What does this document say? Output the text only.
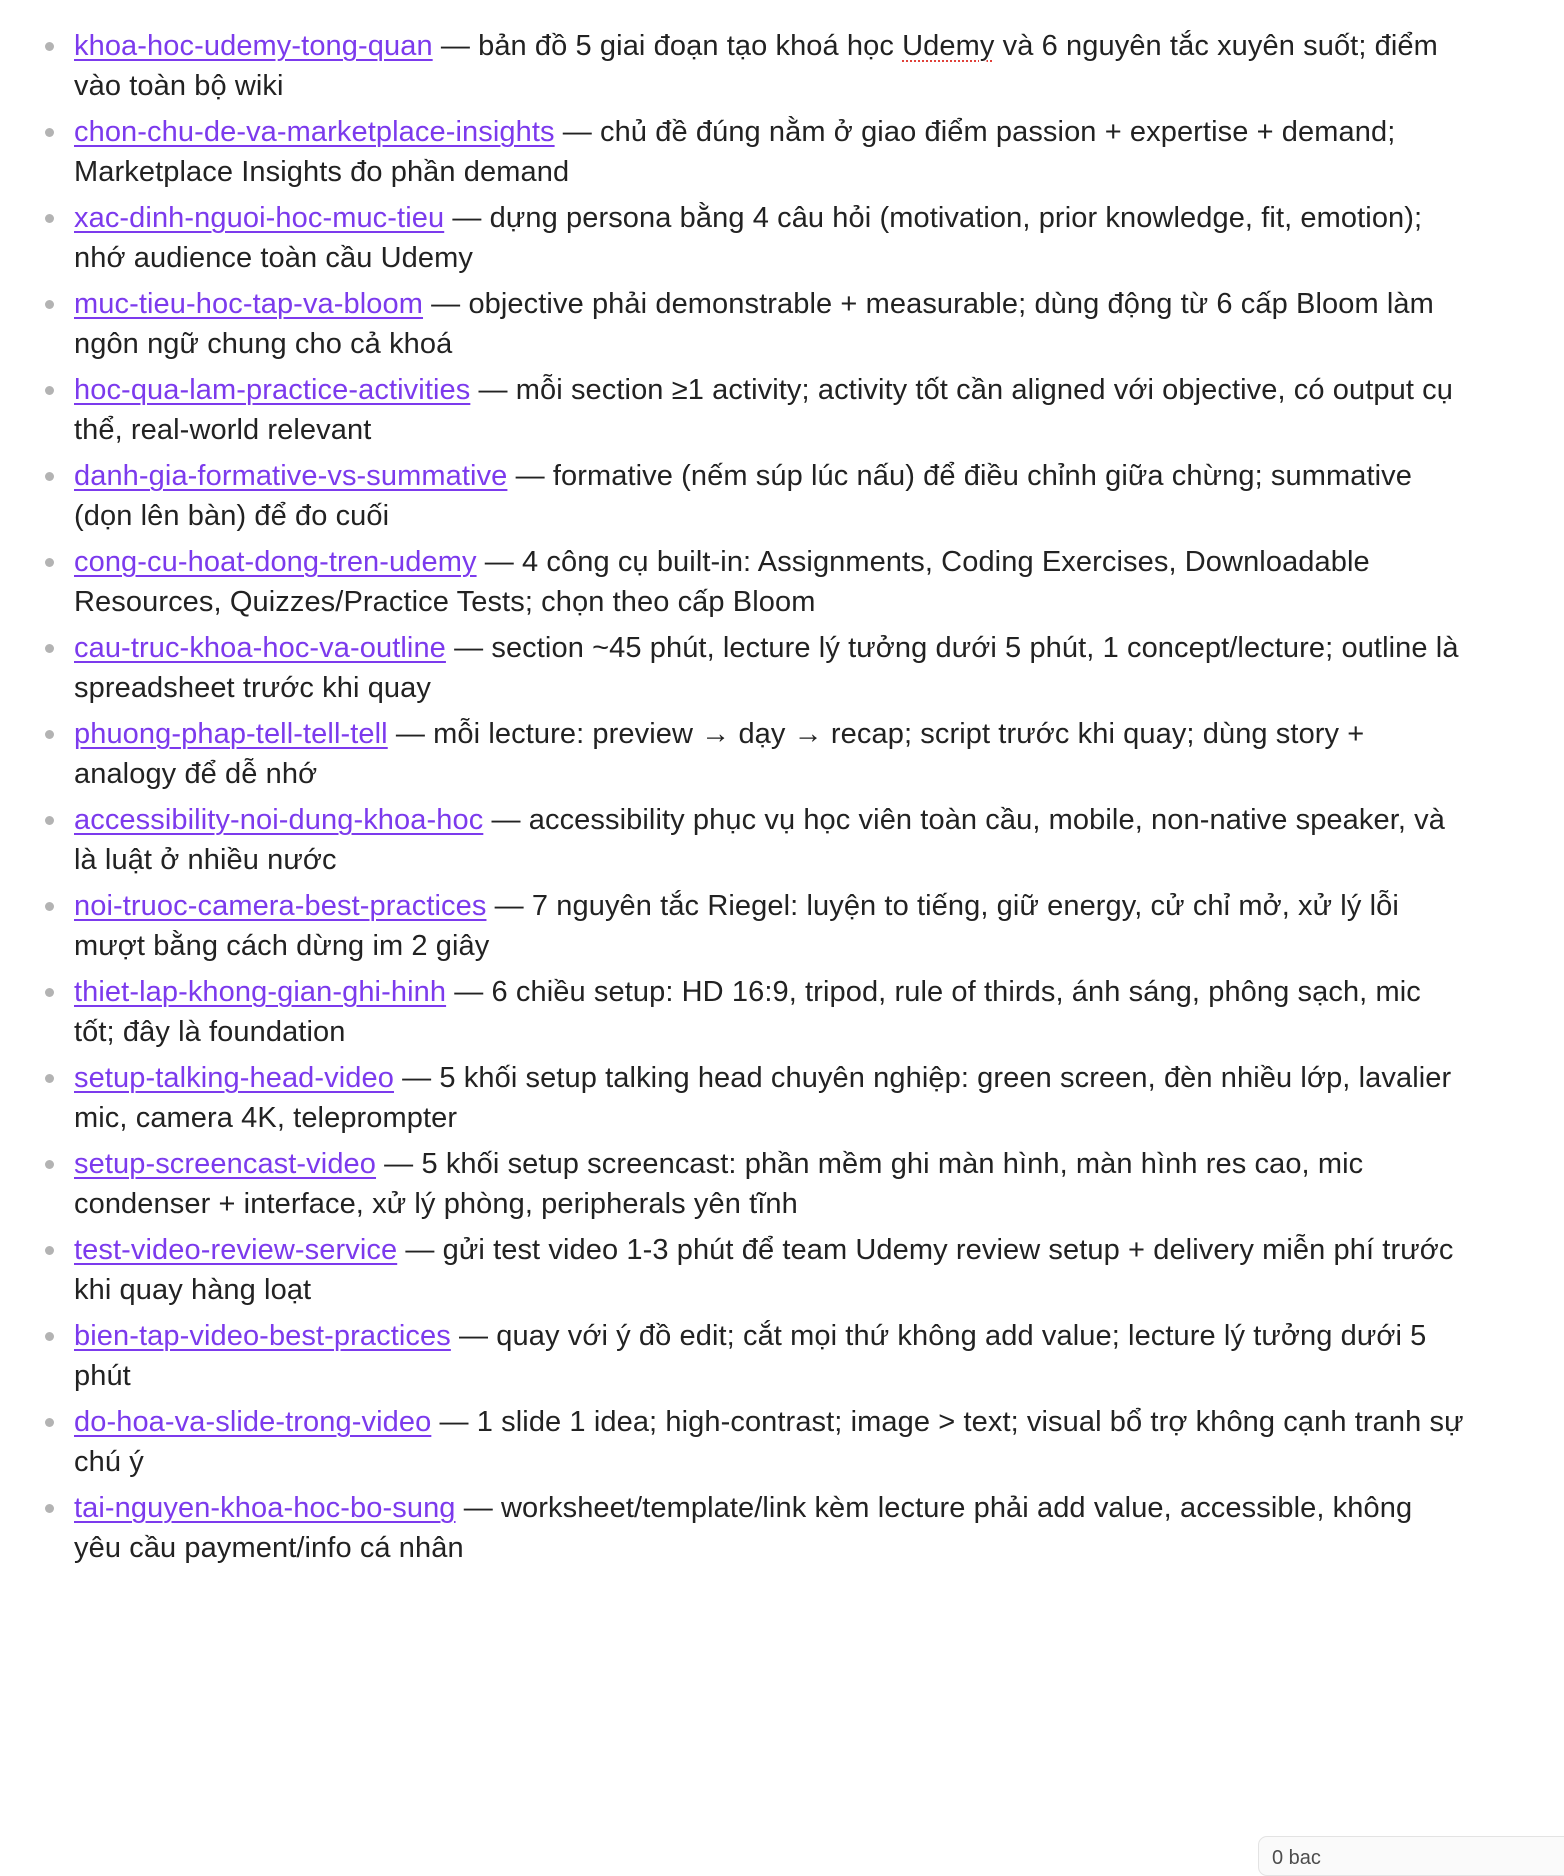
khoa-hoc-udemy-tong-quan — bản đồ 5 giai đoạn tạo khoá học Udemy và 6 nguyên tắc xuyên suốt; điểm vào toàn bộ wiki
chon-chu-de-va-marketplace-insights — chủ đề đúng nằm ở giao điểm passion + expertise + demand; Marketplace Insights đo phần demand
xac-dinh-nguoi-hoc-muc-tieu — dựng persona bằng 4 câu hỏi (motivation, prior knowledge, fit, emotion); nhớ audience toàn cầu Udemy
muc-tieu-hoc-tap-va-bloom — objective phải demonstrable + measurable; dùng động từ 6 cấp Bloom làm ngôn ngữ chung cho cả khoá
hoc-qua-lam-practice-activities — mỗi section ≥1 activity; activity tốt cần aligned với objective, có output cụ thể, real-world relevant
danh-gia-formative-vs-summative — formative (nếm súp lúc nấu) để điều chỉnh giữa chừng; summative (dọn lên bàn) để đo cuối
cong-cu-hoat-dong-tren-udemy — 4 công cụ built-in: Assignments, Coding Exercises, Downloadable Resources, Quizzes/Practice Tests; chọn theo cấp Bloom
cau-truc-khoa-hoc-va-outline — section ~45 phút, lecture lý tưởng dưới 5 phút, 1 concept/lecture; outline là spreadsheet trước khi quay
phuong-phap-tell-tell-tell — mỗi lecture: preview → dạy → recap; script trước khi quay; dùng story + analogy để dễ nhớ
accessibility-noi-dung-khoa-hoc — accessibility phục vụ học viên toàn cầu, mobile, non-native speaker, và là luật ở nhiều nước
noi-truoc-camera-best-practices — 7 nguyên tắc Riegel: luyện to tiếng, giữ energy, cử chỉ mở, xử lý lỗi mượt bằng cách dừng im 2 giây
thiet-lap-khong-gian-ghi-hinh — 6 chiều setup: HD 16:9, tripod, rule of thirds, ánh sáng, phông sạch, mic tốt; đây là foundation
setup-talking-head-video — 5 khối setup talking head chuyên nghiệp: green screen, đèn nhiều lớp, lavalier mic, camera 4K, teleprompter
setup-screencast-video — 5 khối setup screencast: phần mềm ghi màn hình, màn hình res cao, mic condenser + interface, xử lý phòng, peripherals yên tĩnh
test-video-review-service — gửi test video 1-3 phút để team Udemy review setup + delivery miễn phí trước khi quay hàng loạt
bien-tap-video-best-practices — quay với ý đồ edit; cắt mọi thứ không add value; lecture lý tưởng dưới 5 phút
do-hoa-va-slide-trong-video — 1 slide 1 idea; high-contrast; image > text; visual bổ trợ không cạnh tranh sự chú ý
tai-nguyen-khoa-hoc-bo-sung — worksheet/template/link kèm lecture phải add value, accessible, không yêu cầu payment/info cá nhân
0 bac
